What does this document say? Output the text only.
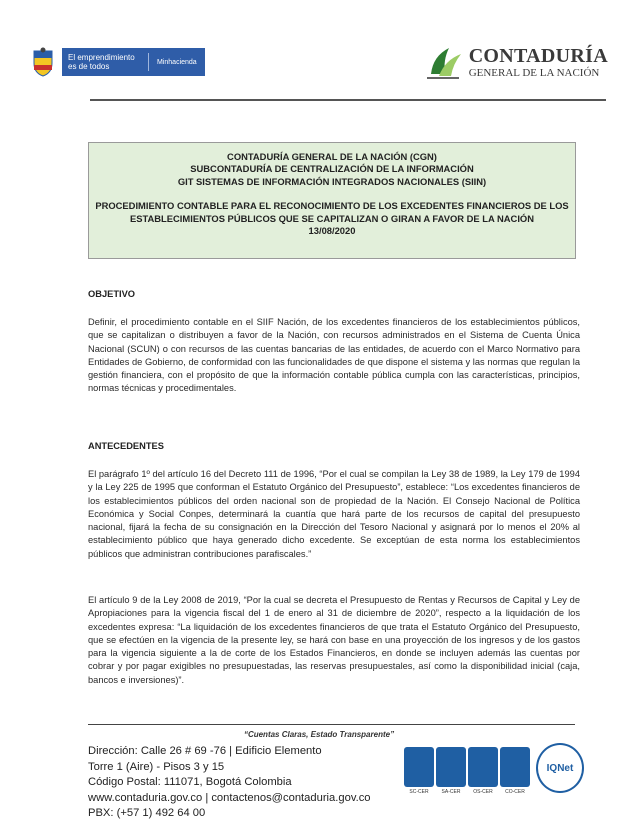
El emprendimiento es de todos	Minhacienda	CONTADURÍA
GENERAL DE LA NACIÓN
CONTADURÍA GENERAL DE LA NACIÓN (CGN)
SUBCONTADURÍA DE CENTRALIZACIÓN DE LA INFORMACIÓN
GIT SISTEMAS DE INFORMACIÓN INTEGRADOS NACIONALES (SIIN)
PROCEDIMIENTO CONTABLE PARA EL RECONOCIMIENTO DE LOS EXCEDENTES FINANCIEROS DE LOS ESTABLECIMIENTOS PÚBLICOS QUE SE CAPITALIZAN O GIRAN A FAVOR DE LA NACIÓN
13/08/2020
OBJETIVO

Definir, el procedimiento contable en el SIIF Nación, de los excedentes financieros de los establecimientos públicos, que se capitalizan o distribuyen a favor de la Nación, con recursos administrados en el Sistema de Cuenta Única Nacional (SCUN) o con recursos de las cuentas bancarias de las entidades, de acuerdo con el Marco Normativo para Entidades de Gobierno, de conformidad con las funcionalidades de que dispone el sistema y las normas que regulan la gestión financiera, con el propósito de que la información contable pública cumpla con las características, principios, normas técnicas y procedimentales.

ANTECEDENTES

El parágrafo 1º del artículo 16 del Decreto 111 de 1996, “Por el cual se compilan la Ley 38 de 1989, la Ley 179 de 1994 y la Ley 225 de 1995 que conforman el Estatuto Orgánico del Presupuesto”, establece: “Los excedentes financieros de los establecimientos públicos del orden nacional son de propiedad de la Nación. El Consejo Nacional de Política Económica y Social Conpes, determinará la cuantía que hará parte de los recursos de capital del presupuesto nacional, fijará la fecha de su consignación en la Dirección del Tesoro Nacional y asignará por lo menos el 20% al establecimiento público que haya generado dicho excedente. Se exceptúan de esta norma los establecimientos públicos que administran contribuciones parafiscales.”

El artículo 9 de la Ley 2008 de 2019, “Por la cual se decreta el Presupuesto de Rentas y Recursos de Capital y Ley de Apropiaciones para la vigencia fiscal del 1 de enero al 31 de diciembre de 2020”, respecto a la liquidación de los excedentes expresa: “La liquidación de los excedentes financieros de que trata el Estatuto Orgánico del Presupuesto, que se efectúen en la vigencia de la presente ley, se hará con base en una proyección de los ingresos y de los gastos para la vigencia siguiente a la de corte de los Estados Financieros, en donde se incluyen además las cuentas por cobrar y por pagar exigibles no presupuestadas, las reservas presupuestales, así como la disponibilidad inicial (caja, bancos e inversiones)”.

“Cuentas Claras, Estado Transparente”
Dirección: Calle 26 # 69 -76 | Edificio Elemento
Torre 1 (Aire) - Pisos 3 y 15
Código Postal: 111071, Bogotá Colombia
www.contaduria.gov.co | contactenos@contaduria.gov.co
PBX: (+57 1) 492 64 00
SC-CER	SA-CER	OS-CER CO-CER
IQNet
